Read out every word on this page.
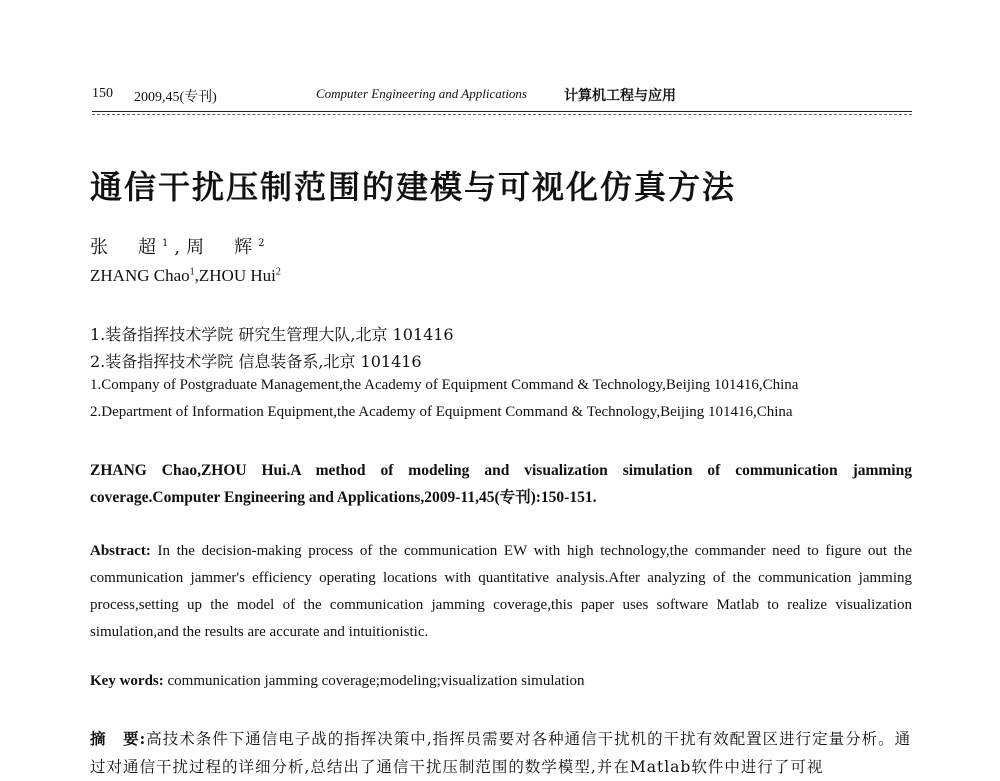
150 2009,45(专刊)	Computer Engineering and Applications	计算机工程与应用
通信干扰压制范围的建模与可视化仿真方法
张　超$^1$,周　辉$^2$
ZHANG Chao$^1$,ZHOU Hui$^2$
1.装备指挥技术学院 研究生管理大队,北京 101416
2.装备指挥技术学院 信息装备系,北京 101416
1.Company of Postgraduate Management,the Academy of Equipment Command & Technology,Beijing 101416,China
2.Department of Information Equipment,the Academy of Equipment Command & Technology,Beijing 101416,China

ZHANG Chao,ZHOU Hui.A method of modeling and visualization simulation of communication jamming coverage.Computer Engineering and Applications,2009-11,45(专刊):150-151.

Abstract: In the decision-making process of the communication EW with high technology,the commander need to figure out the communication jammer's efficiency operating locations with quantitative analysis.After analyzing of the communication jamming process,setting up the model of the communication jamming coverage,this paper uses software Matlab to realize visualization simulation,and the results are accurate and intuitionistic.

Key words: communication jamming coverage;modeling;visualization simulation

摘　要:高技术条件下通信电子战的指挥决策中,指挥员需要对各种通信干扰机的干扰有效配置区进行定量分析。通过对通信干扰过程的详细分析,总结出了通信干扰压制范围的数学模型,并在Matlab软件中进行了可视
